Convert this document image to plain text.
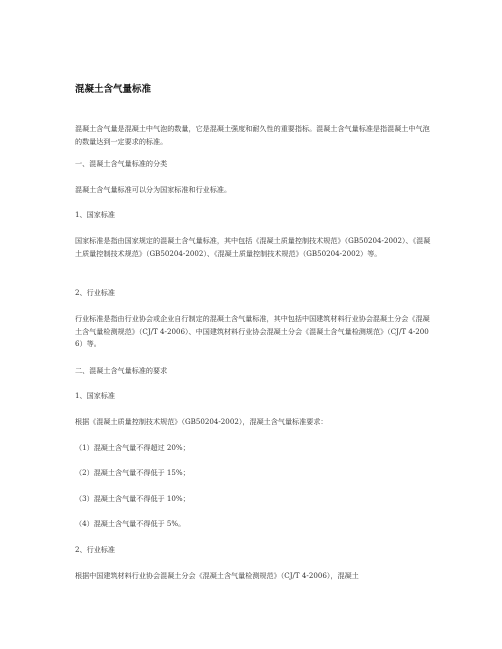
混凝土含气量标准

混凝土含气量是混凝土中气泡的数量，它是混凝土强度和耐久性的重要指标。混凝土含气量标准是指混凝土中气泡的数量达到一定要求的标准。

一、混凝土含气量标准的分类

混凝土含气量标准可以分为国家标准和行业标准。

1、国家标准

国家标准是指由国家规定的混凝土含气量标准，其中包括《混凝土质量控制技术规范》（GB50204-2002）、《混凝土质量控制技术规范》（GB50204-2002）、《混凝土质量控制技术规范》（GB50204-2002）等。

2、行业标准

行业标准是指由行业协会或企业自行制定的混凝土含气量标准，其中包括中国建筑材料行业协会混凝土分会《混凝土含气量检测规范》（CJ/T 4-2006）、中国建筑材料行业协会混凝土分会《混凝土含气量检测规范》（CJ/T 4-2006）等。

二、混凝土含气量标准的要求

1、国家标准

根据《混凝土质量控制技术规范》（GB50204-2002），混凝土含气量标准要求：

（1）混凝土含气量不得超过 20%；

（2）混凝土含气量不得低于 15%；

（3）混凝土含气量不得低于 10%；

（4）混凝土含气量不得低于 5%。

2、行业标准

根据中国建筑材料行业协会混凝土分会《混凝土含气量检测规范》（CJ/T 4-2006），混凝土
